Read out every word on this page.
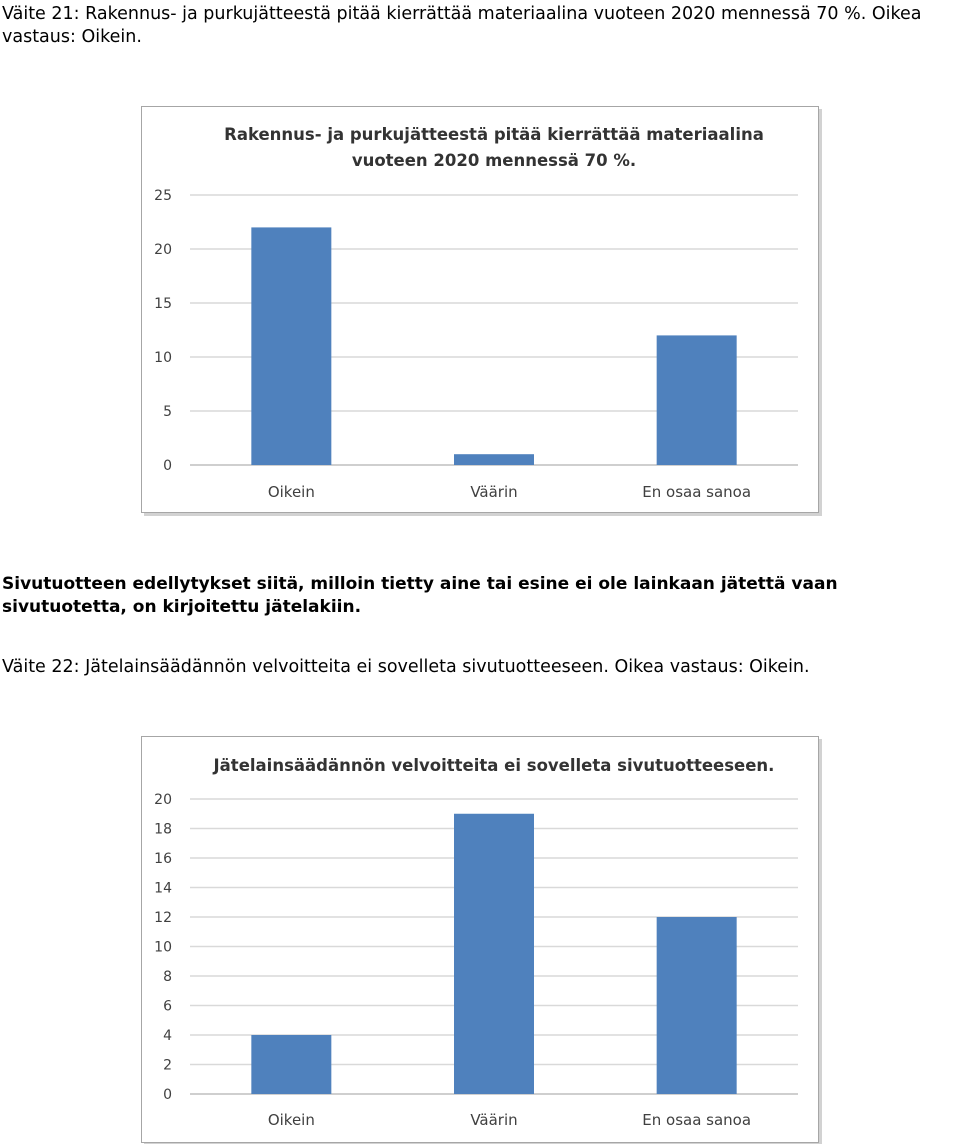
Väite 21: Rakennus- ja purkujätteestä pitää kierrättää materiaalina vuoteen 2020 mennessä 70 %. Oikea vastaus: Oikein.

Rakennus- ja purkujätteestä pitää kierrättää materiaalina
vuoteen 2020 mennessä 70 %.
0
5
10
15
20
25
Oikein	Väärin	En osaa sanoa

Sivutuotteen edellytykset siitä, milloin tietty aine tai esine ei ole lainkaan jätettä vaan sivutuotetta, on kirjoitettu jätelakiin.

Väite 22: Jätelainsäädännön velvoitteita ei sovelleta sivutuotteeseen. Oikea vastaus: Oikein.

Jätelainsäädännön velvoitteita ei sovelleta sivutuotteeseen.
0
2
4
6
8
10
12
14
16
18
20
Oikein	Väärin	En osaa sanoa
